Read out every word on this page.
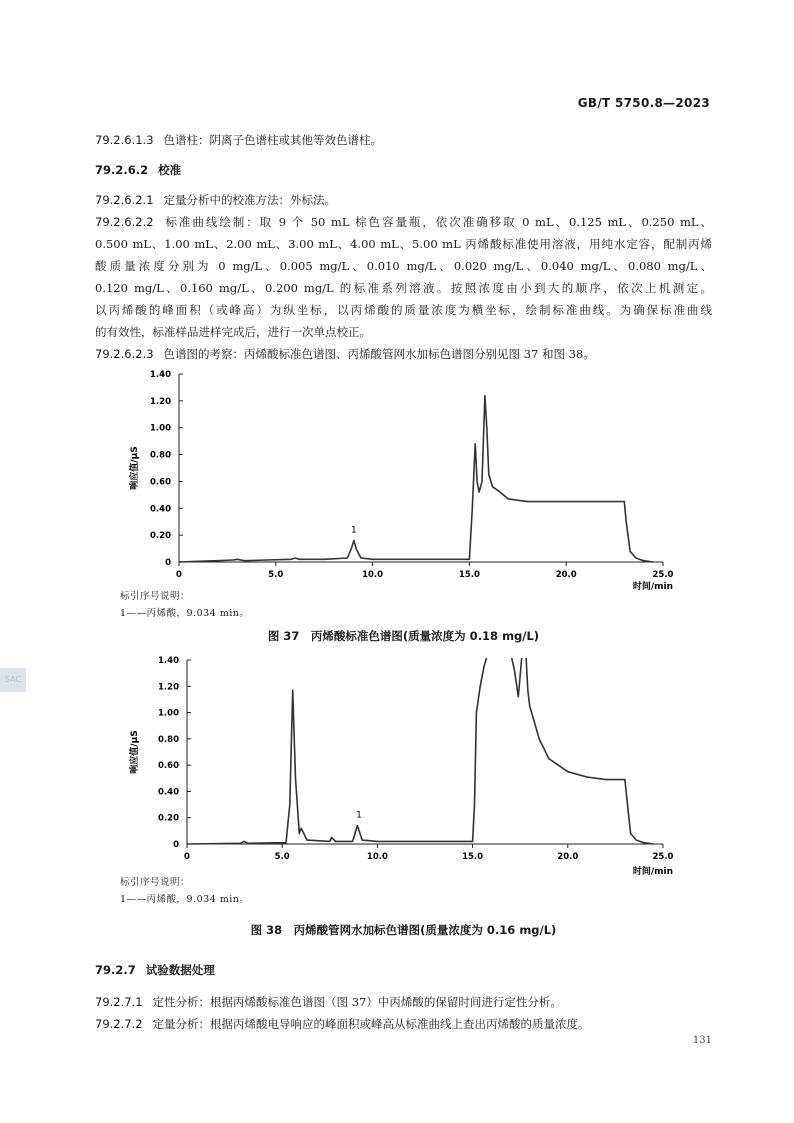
GB/T 5750.8—2023
79.2.6.1.3 色谱柱：阴离子色谱柱或其他等效色谱柱。
79.2.6.2 校准
79.2.6.2.1 定量分析中的校准方法：外标法。
79.2.6.2.2 标准曲线绘制：取 9 个 50 mL 棕色容量瓶，依次准确移取 0 mL、0.125 mL、0.250 mL、
0.500 mL、1.00 mL、2.00 mL、3.00 mL、4.00 mL、5.00 mL 丙烯酸标准使用溶液，用纯水定容，配制丙烯
酸质量浓度分别为 0 mg/L、0.005 mg/L、0.010 mg/L、0.020 mg/L、0.040 mg/L、0.080 mg/L、
0.120 mg/L、0.160 mg/L、0.200 mg/L 的标准系列溶液。按照浓度由小到大的顺序，依次上机测定。
以丙烯酸的峰面积（或峰高）为纵坐标，以丙烯酸的质量浓度为横坐标，绘制标准曲线。为确保标准曲线
的有效性，标准样品进样完成后，进行一次单点校正。
79.2.6.2.3 色谱图的考察：丙烯酸标准色谱图、丙烯酸管网水加标色谱图分别见图 37 和图 38。
SAC
0
0.20
0.40
0.60
0.80
1.00
1.20
1.40
0	5.0	10.0	15.0	20.0	25.0
响应值/μS
时间/min
1
标引序号说明：
1——丙烯酸，9.034 min。
图 37　丙烯酸标准色谱图(质量浓度为 0.18 mg/L)
0
0.20
0.40
0.60
0.80
1.00
1.20
1.40
0	5.0	10.0	15.0	20.0	25.0
响应值/μS
时间/min
1
标引序号说明：
1——丙烯酸，9.034 min。
图 38　丙烯酸管网水加标色谱图(质量浓度为 0.16 mg/L)
79.2.7 试验数据处理
79.2.7.1 定性分析：根据丙烯酸标准色谱图（图 37）中丙烯酸的保留时间进行定性分析。
79.2.7.2 定量分析：根据丙烯酸电导响应的峰面积或峰高从标准曲线上查出丙烯酸的质量浓度。
131
